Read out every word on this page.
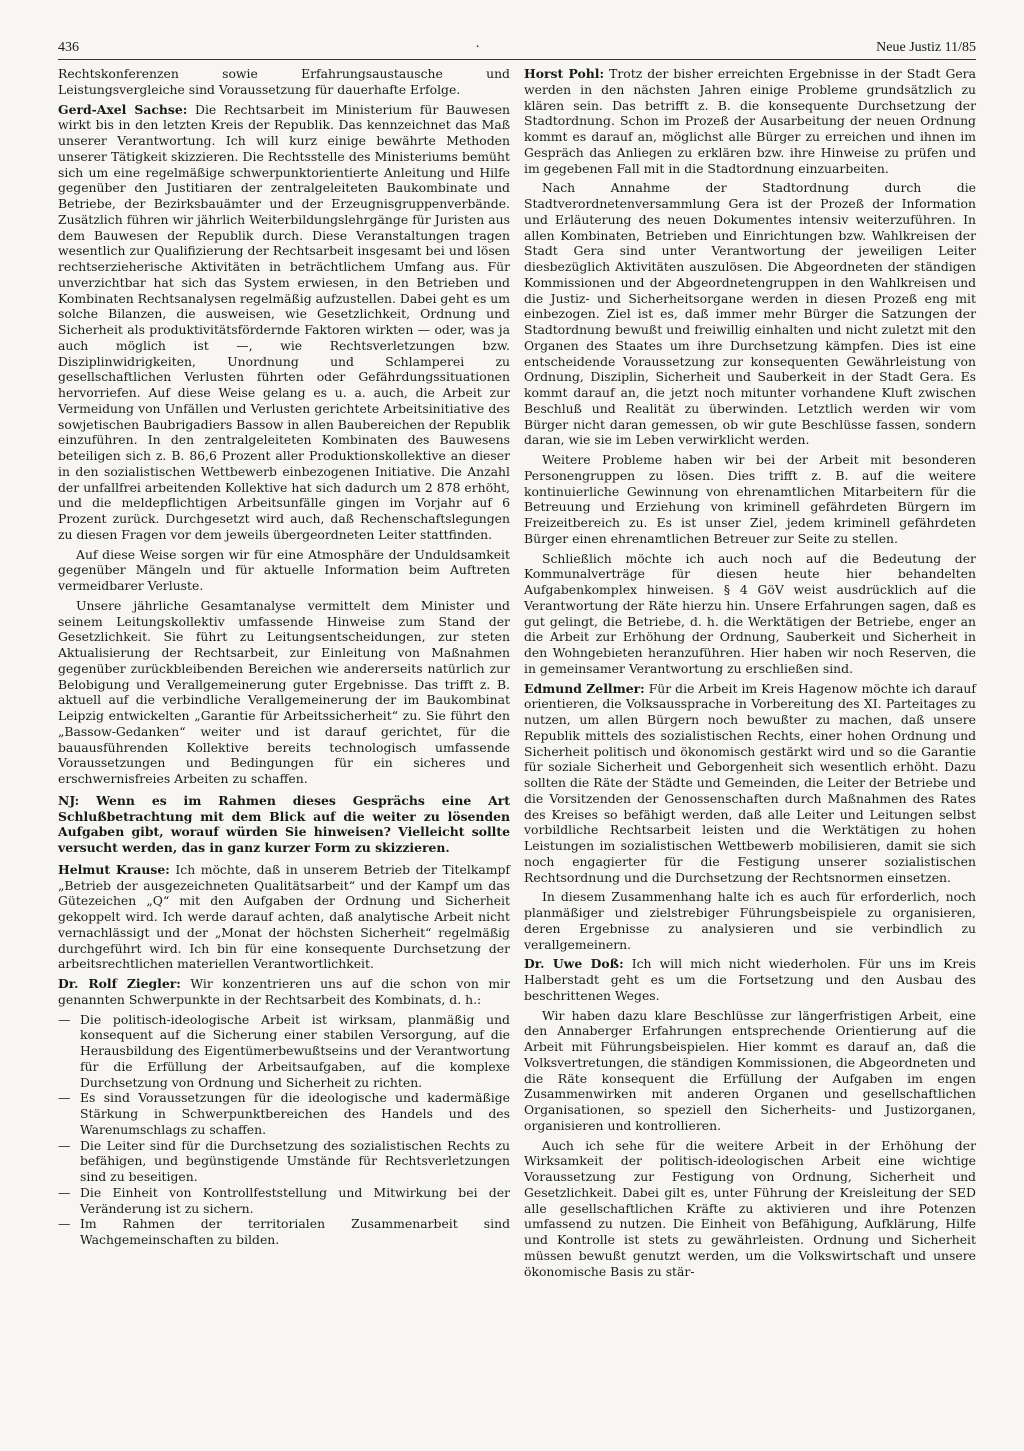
436	·	Neue Justiz 11/85

Rechtskonferenzen sowie Erfahrungsaustausche und Leistungsvergleiche sind Voraussetzung für dauerhafte Erfolge.

Gerd-Axel Sachse: Die Rechtsarbeit im Ministerium für Bauwesen wirkt bis in den letzten Kreis der Republik. Das kennzeichnet das Maß unserer Verantwortung. Ich will kurz einige bewährte Methoden unserer Tätigkeit skizzieren. Die Rechtsstelle des Ministeriums bemüht sich um eine regelmäßige schwerpunktorientierte Anleitung und Hilfe gegenüber den Justitiaren der zentralgeleiteten Baukombinate und Betriebe, der Bezirksbauämter und der Erzeugnisgruppenverbände. Zusätzlich führen wir jährlich Weiterbildungslehrgänge für Juristen aus dem Bauwesen der Republik durch. Diese Veranstaltungen tragen wesentlich zur Qualifizierung der Rechtsarbeit insgesamt bei und lösen rechtserzieherische Aktivitäten in beträchtlichem Umfang aus. Für unverzichtbar hat sich das System erwiesen, in den Betrieben und Kombinaten Rechtsanalysen regelmäßig aufzustellen. Dabei geht es um solche Bilanzen, die ausweisen, wie Gesetzlichkeit, Ordnung und Sicherheit als produktivitätsfördernde Faktoren wirkten — oder, was ja auch möglich ist —, wie Rechtsverletzungen bzw. Disziplinwidrigkeiten, Unordnung und Schlamperei zu gesellschaftlichen Verlusten führten oder Gefährdungssituationen hervorriefen. Auf diese Weise gelang es u. a. auch, die Arbeit zur Vermeidung von Unfällen und Verlusten gerichtete Arbeitsinitiative des sowjetischen Baubrigadiers Bassow in allen Baubereichen der Republik einzuführen. In den zentralgeleiteten Kombinaten des Bauwesens beteiligen sich z. B. 86,6 Prozent aller Produktionskollektive an dieser in den sozialistischen Wettbewerb einbezogenen Initiative. Die Anzahl der unfallfrei arbeitenden Kollektive hat sich dadurch um 2 878 erhöht, und die meldepflichtigen Arbeitsunfälle gingen im Vorjahr auf 6 Prozent zurück. Durchgesetzt wird auch, daß Rechenschaftslegungen zu diesen Fragen vor dem jeweils übergeordneten Leiter stattfinden.

Auf diese Weise sorgen wir für eine Atmosphäre der Unduldsamkeit gegenüber Mängeln und für aktuelle Information beim Auftreten vermeidbarer Verluste.

Unsere jährliche Gesamtanalyse vermittelt dem Minister und seinem Leitungskollektiv umfassende Hinweise zum Stand der Gesetzlichkeit. Sie führt zu Leitungsentscheidungen, zur steten Aktualisierung der Rechtsarbeit, zur Einleitung von Maßnahmen gegenüber zurückbleibenden Bereichen wie andererseits natürlich zur Belobigung und Verallgemeinerung guter Ergebnisse. Das trifft z. B. aktuell auf die verbindliche Verallgemeinerung der im Baukombinat Leipzig entwickelten „Garantie für Arbeitssicherheit“ zu. Sie führt den „Bassow-Gedanken“ weiter und ist darauf gerichtet, für die bauausführenden Kollektive bereits technologisch umfassende Voraussetzungen und Bedingungen für ein sicheres und erschwernisfreies Arbeiten zu schaffen.

NJ: Wenn es im Rahmen dieses Gesprächs eine Art Schlußbetrachtung mit dem Blick auf die weiter zu lösenden Aufgaben gibt, worauf würden Sie hinweisen? Vielleicht sollte versucht werden, das in ganz kurzer Form zu skizzieren.

Helmut Krause: Ich möchte, daß in unserem Betrieb der Titelkampf „Betrieb der ausgezeichneten Qualitätsarbeit“ und der Kampf um das Gütezeichen „Q“ mit den Aufgaben der Ordnung und Sicherheit gekoppelt wird. Ich werde darauf achten, daß analytische Arbeit nicht vernachlässigt und der „Monat der höchsten Sicherheit“ regelmäßig durchgeführt wird. Ich bin für eine konsequente Durchsetzung der arbeitsrechtlichen materiellen Verantwortlichkeit.

Dr. Rolf Ziegler: Wir konzentrieren uns auf die schon von mir genannten Schwerpunkte in der Rechtsarbeit des Kombinats, d. h.:

— Die politisch-ideologische Arbeit ist wirksam, planmäßig und konsequent auf die Sicherung einer stabilen Versorgung, auf die Herausbildung des Eigentümerbewußtseins und der Verantwortung für die Erfüllung der Arbeitsaufgaben, auf die komplexe Durchsetzung von Ordnung und Sicherheit zu richten.
— Es sind Voraussetzungen für die ideologische und kadermäßige Stärkung in Schwerpunktbereichen des Handels und des Warenumschlags zu schaffen.
— Die Leiter sind für die Durchsetzung des sozialistischen Rechts zu befähigen, und begünstigende Umstände für Rechtsverletzungen sind zu beseitigen.
— Die Einheit von Kontrollfeststellung und Mitwirkung bei der Veränderung ist zu sichern.
— Im Rahmen der territorialen Zusammenarbeit sind Wachgemeinschaften zu bilden.

Horst Pohl: Trotz der bisher erreichten Ergebnisse in der Stadt Gera werden in den nächsten Jahren einige Probleme grundsätzlich zu klären sein. Das betrifft z. B. die konsequente Durchsetzung der Stadtordnung. Schon im Prozeß der Ausarbeitung der neuen Ordnung kommt es darauf an, möglichst alle Bürger zu erreichen und ihnen im Gespräch das Anliegen zu erklären bzw. ihre Hinweise zu prüfen und im gegebenen Fall mit in die Stadtordnung einzuarbeiten.

Nach Annahme der Stadtordnung durch die Stadtverordnetenversammlung Gera ist der Prozeß der Information und Erläuterung des neuen Dokumentes intensiv weiterzuführen. In allen Kombinaten, Betrieben und Einrichtungen bzw. Wahlkreisen der Stadt Gera sind unter Verantwortung der jeweiligen Leiter diesbezüglich Aktivitäten auszulösen. Die Abgeordneten der ständigen Kommissionen und der Abgeordnetengruppen in den Wahlkreisen und die Justiz- und Sicherheitsorgane werden in diesen Prozeß eng mit einbezogen. Ziel ist es, daß immer mehr Bürger die Satzungen der Stadtordnung bewußt und freiwillig einhalten und nicht zuletzt mit den Organen des Staates um ihre Durchsetzung kämpfen. Dies ist eine entscheidende Voraussetzung zur konsequenten Gewährleistung von Ordnung, Disziplin, Sicherheit und Sauberkeit in der Stadt Gera. Es kommt darauf an, die jetzt noch mitunter vorhandene Kluft zwischen Beschluß und Realität zu überwinden. Letztlich werden wir vom Bürger nicht daran gemessen, ob wir gute Beschlüsse fassen, sondern daran, wie sie im Leben verwirklicht werden.

Weitere Probleme haben wir bei der Arbeit mit besonderen Personengruppen zu lösen. Dies trifft z. B. auf die weitere kontinuierliche Gewinnung von ehrenamtlichen Mitarbeitern für die Betreuung und Erziehung von kriminell gefährdeten Bürgern im Freizeitbereich zu. Es ist unser Ziel, jedem kriminell gefährdeten Bürger einen ehrenamtlichen Betreuer zur Seite zu stellen.

Schließlich möchte ich auch noch auf die Bedeutung der Kommunalverträge für diesen heute hier behandelten Aufgabenkomplex hinweisen. § 4 GöV weist ausdrücklich auf die Verantwortung der Räte hierzu hin. Unsere Erfahrungen sagen, daß es gut gelingt, die Betriebe, d. h. die Werktätigen der Betriebe, enger an die Arbeit zur Erhöhung der Ordnung, Sauberkeit und Sicherheit in den Wohngebieten heranzuführen. Hier haben wir noch Reserven, die in gemeinsamer Verantwortung zu erschließen sind.

Edmund Zellmer: Für die Arbeit im Kreis Hagenow möchte ich darauf orientieren, die Volksaussprache in Vorbereitung des XI. Parteitages zu nutzen, um allen Bürgern noch bewußter zu machen, daß unsere Republik mittels des sozialistischen Rechts, einer hohen Ordnung und Sicherheit politisch und ökonomisch gestärkt wird und so die Garantie für soziale Sicherheit und Geborgenheit sich wesentlich erhöht. Dazu sollten die Räte der Städte und Gemeinden, die Leiter der Betriebe und die Vorsitzenden der Genossenschaften durch Maßnahmen des Rates des Kreises so befähigt werden, daß alle Leiter und Leitungen selbst vorbildliche Rechtsarbeit leisten und die Werktätigen zu hohen Leistungen im sozialistischen Wettbewerb mobilisieren, damit sie sich noch engagierter für die Festigung unserer sozialistischen Rechtsordnung und die Durchsetzung der Rechtsnormen einsetzen.

In diesem Zusammenhang halte ich es auch für erforderlich, noch planmäßiger und zielstrebiger Führungsbeispiele zu organisieren, deren Ergebnisse zu analysieren und sie verbindlich zu verallgemeinern.

Dr. Uwe Doß: Ich will mich nicht wiederholen. Für uns im Kreis Halberstadt geht es um die Fortsetzung und den Ausbau des beschrittenen Weges.

Wir haben dazu klare Beschlüsse zur längerfristigen Arbeit, eine den Annaberger Erfahrungen entsprechende Orientierung auf die Arbeit mit Führungsbeispielen. Hier kommt es darauf an, daß die Volksvertretungen, die ständigen Kommissionen, die Abgeordneten und die Räte konsequent die Erfüllung der Aufgaben im engen Zusammenwirken mit anderen Organen und gesellschaftlichen Organisationen, so speziell den Sicherheits- und Justizorganen, organisieren und kontrollieren.

Auch ich sehe für die weitere Arbeit in der Erhöhung der Wirksamkeit der politisch-ideologischen Arbeit eine wichtige Voraussetzung zur Festigung von Ordnung, Sicherheit und Gesetzlichkeit. Dabei gilt es, unter Führung der Kreisleitung der SED alle gesellschaftlichen Kräfte zu aktivieren und ihre Potenzen umfassend zu nutzen. Die Einheit von Befähigung, Aufklärung, Hilfe und Kontrolle ist stets zu gewährleisten. Ordnung und Sicherheit müssen bewußt genutzt werden, um die Volkswirtschaft und unsere ökonomische Basis zu stär-
